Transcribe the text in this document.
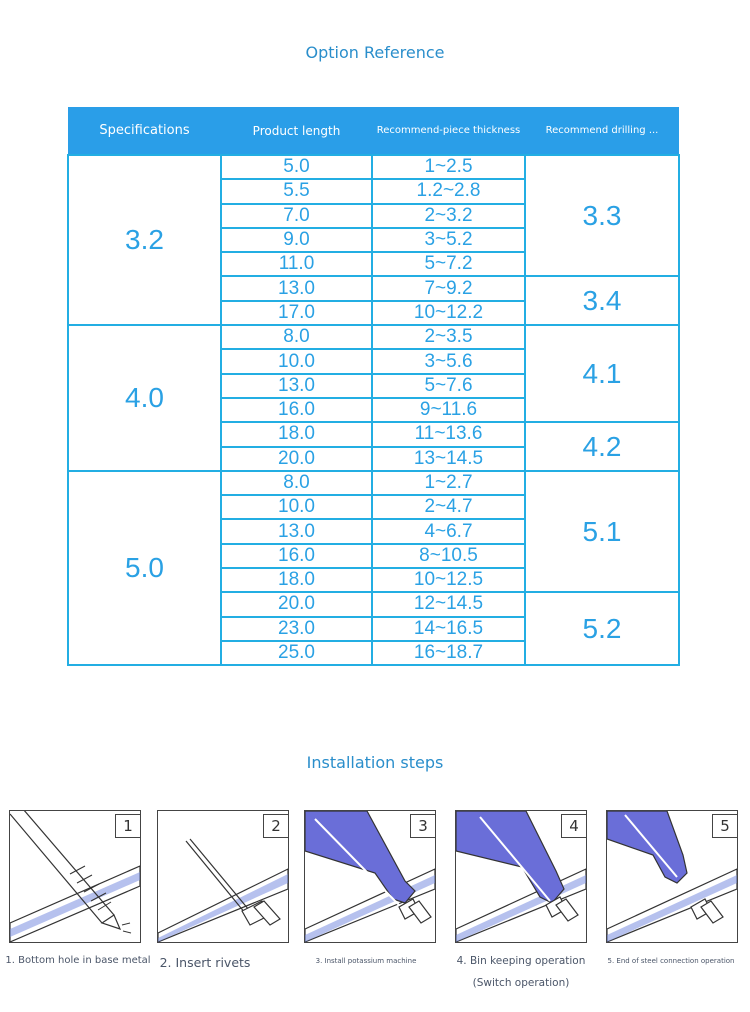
Option Reference
Specifications	Product length	Recommend-piece thickness	Recommend drilling ...
3.2	5.0	1~2.5	3.3
	5.5	1.2~2.8	
	7.0	2~3.2	
	9.0	3~5.2	
	11.0	5~7.2	
	13.0	7~9.2	3.4
	17.0	10~12.2	
4.0	8.0	2~3.5	4.1
	10.0	3~5.6	
	13.0	5~7.6	
	16.0	9~11.6	
	18.0	11~13.6	4.2
	20.0	13~14.5	
5.0	8.0	1~2.7	5.1
	10.0	2~4.7	
	13.0	4~6.7	
	16.0	8~10.5	
	18.0	10~12.5	
	20.0	12~14.5	5.2
	23.0	14~16.5	
	25.0	16~18.7	
Installation steps
1	2	3	4	5
1. Bottom hole in base metal 2. Insert rivets	3. Install potassium machine	4. Bin keeping operation
(Switch operation)
5. End of steel connection operation
